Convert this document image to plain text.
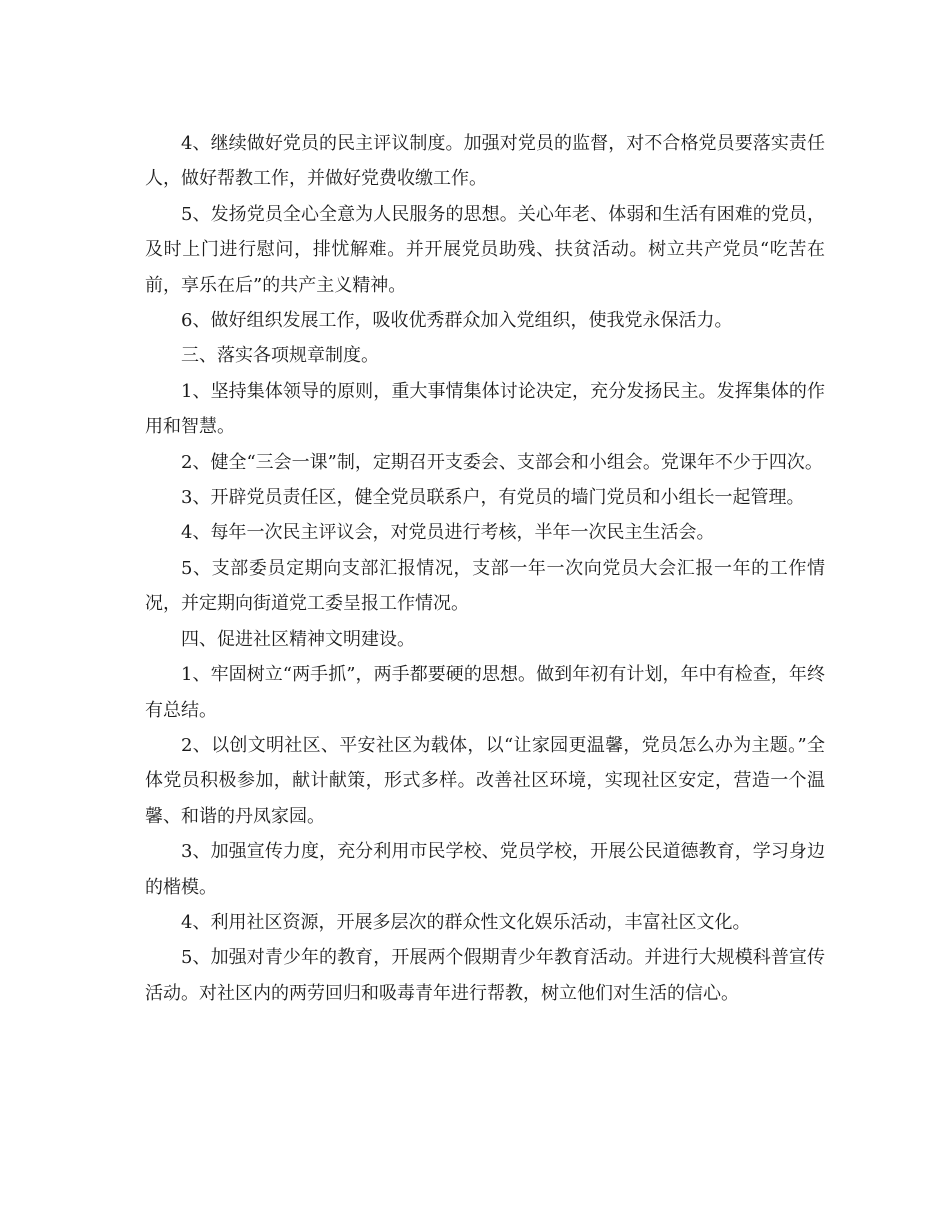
4、继续做好党员的民主评议制度。加强对党员的监督，对不合格党员要落实责任人，做好帮教工作，并做好党费收缴工作。

5、发扬党员全心全意为人民服务的思想。关心年老、体弱和生活有困难的党员，及时上门进行慰问，排忧解难。并开展党员助残、扶贫活动。树立共产党员“吃苦在前，享乐在后”的共产主义精神。

6、做好组织发展工作，吸收优秀群众加入党组织，使我党永保活力。

三、落实各项规章制度。

1、坚持集体领导的原则，重大事情集体讨论决定，充分发扬民主。发挥集体的作用和智慧。

2、健全“三会一课”制，定期召开支委会、支部会和小组会。党课年不少于四次。

3、开辟党员责任区，健全党员联系户，有党员的墙门党员和小组长一起管理。

4、每年一次民主评议会，对党员进行考核，半年一次民主生活会。

5、支部委员定期向支部汇报情况，支部一年一次向党员大会汇报一年的工作情况，并定期向街道党工委呈报工作情况。

四、促进社区精神文明建设。

1、牢固树立“两手抓”，两手都要硬的思想。做到年初有计划，年中有检查，年终有总结。

2、以创文明社区、平安社区为载体，以“让家园更温馨，党员怎么办为主题。”全体党员积极参加，献计献策，形式多样。改善社区环境，实现社区安定，营造一个温馨、和谐的丹凤家园。

3、加强宣传力度，充分利用市民学校、党员学校，开展公民道德教育，学习身边的楷模。

4、利用社区资源，开展多层次的群众性文化娱乐活动，丰富社区文化。

5、加强对青少年的教育，开展两个假期青少年教育活动。并进行大规模科普宣传活动。对社区内的两劳回归和吸毒青年进行帮教，树立他们对生活的信心。
